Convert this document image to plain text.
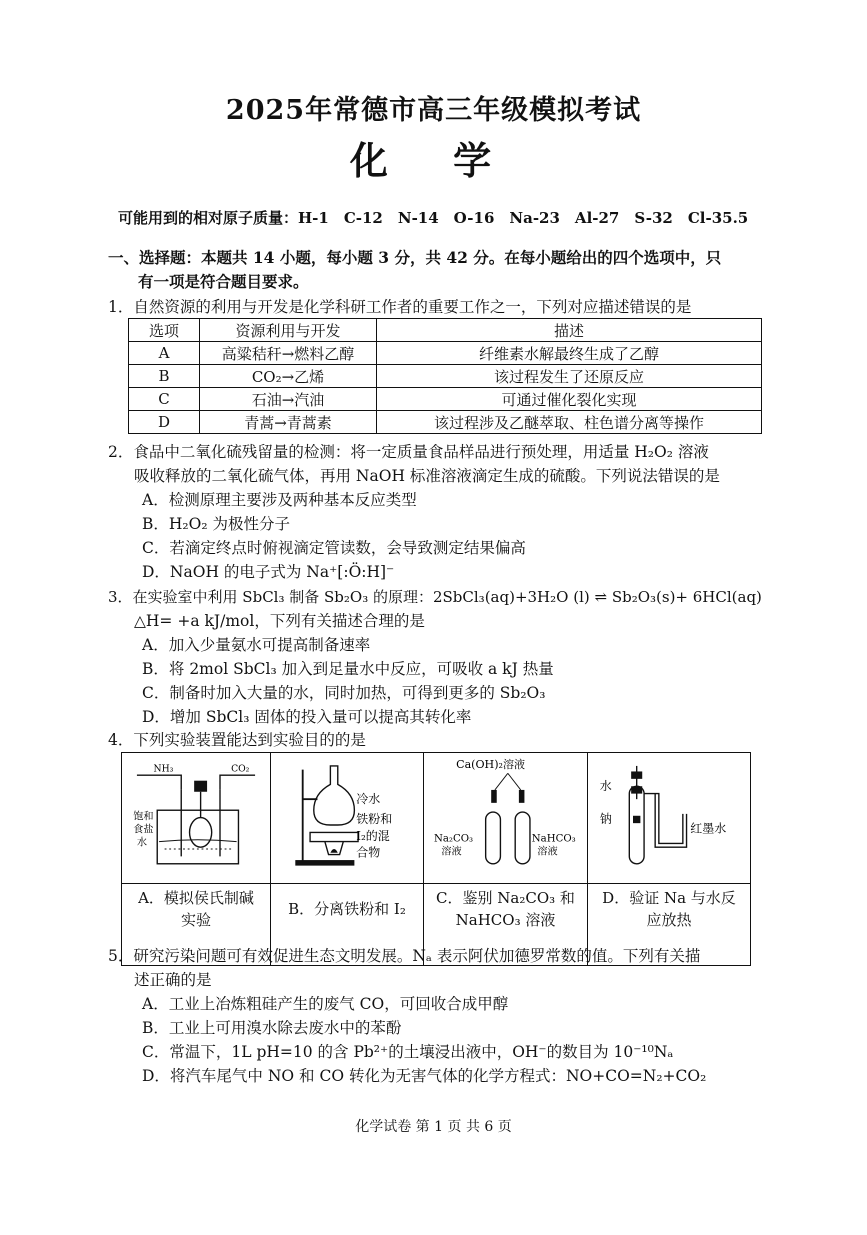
2025年常德市高三年级模拟考试
化 学
可能用到的相对原子质量：H-1　C-12　N-14　O-16　Na-23　Al-27　S-32　Cl-35.5
一、选择题：本题共 14 小题，每小题 3 分，共 42 分。在每小题给出的四个选项中，只
有一项是符合题目要求。
1．自然资源的利用与开发是化学科研工作者的重要工作之一，下列对应描述错误的是
选项	资源利用与开发	描述
A	高粱秸秆→燃料乙醇	纤维素水解最终生成了乙醇
B	CO₂→乙烯	该过程发生了还原反应
C	石油→汽油	可通过催化裂化实现
D	青蒿→青蒿素	该过程涉及乙醚萃取、柱色谱分离等操作
2．食品中二氧化硫残留量的检测：将一定质量食品样品进行预处理，用适量 H₂O₂ 溶液
吸收释放的二氧化硫气体，再用 NaOH 标准溶液滴定生成的硫酸。下列说法错误的是
A．检测原理主要涉及两种基本反应类型
B．H₂O₂ 为极性分子
C．若滴定终点时俯视滴定管读数，会导致测定结果偏高
D．NaOH 的电子式为 Na⁺[:Ö:H]⁻
3．在实验室中利用 SbCl₃ 制备 Sb₂O₃ 的原理：2SbCl₃(aq)+3H₂O (l) ⇌ Sb₂O₃(s)+ 6HCl(aq)
△H= +a kJ/mol，下列有关描述合理的是
A．加入少量氨水可提高制备速率
B．将 2mol SbCl₃ 加入到足量水中反应，可吸收 a kJ 热量
C．制备时加入大量的水，同时加热，可得到更多的 Sb₂O₃
D．增加 SbCl₃ 固体的投入量可以提高其转化率
4．下列实验装置能达到实验目的的是
NH₃	CO₂
饱和
食盐
水
A．模拟侯氏制碱
实验
冷水
铁粉和
I₂的混
合物
B．分离铁粉和 I₂
Ca(OH)₂溶液
Na₂CO₃
溶液
NaHCO₃
溶液
C．鉴别 Na₂CO₃ 和
NaHCO₃ 溶液
水
钠
红墨水
D．验证 Na 与水反
应放热
5．研究污染问题可有效促进生态文明发展。Nₐ 表示阿伏加德罗常数的值。下列有关描
述正确的是
A．工业上冶炼粗硅产生的废气 CO，可回收合成甲醇
B．工业上可用溴水除去废水中的苯酚
C．常温下，1L pH=10 的含 Pb²⁺的土壤浸出液中，OH⁻的数目为 10⁻¹⁰Nₐ
D．将汽车尾气中 NO 和 CO 转化为无害气体的化学方程式：NO+CO=N₂+CO₂
化学试卷 第 1 页 共 6 页
